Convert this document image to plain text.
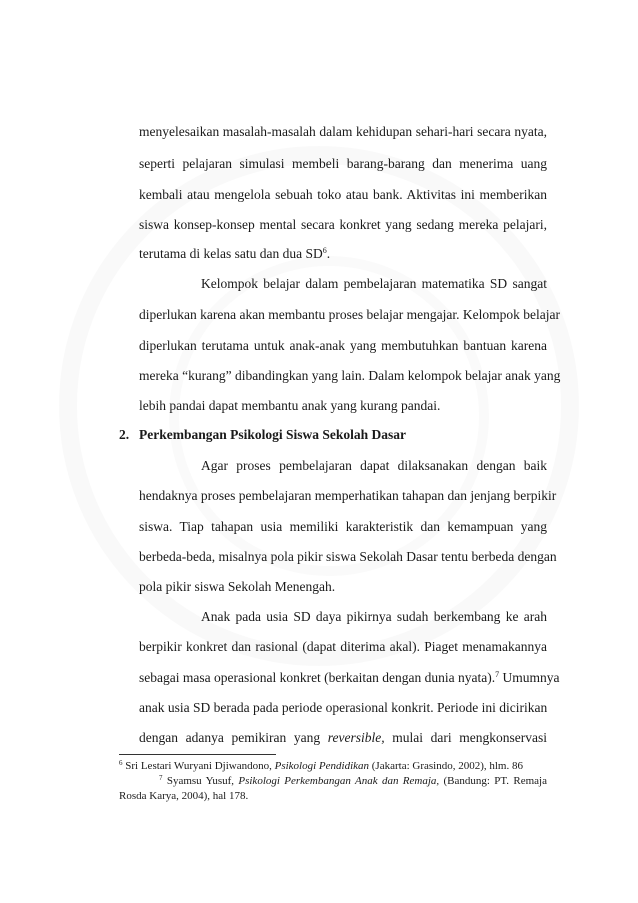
menyelesaikan masalah-masalah dalam kehidupan sehari-hari secara nyata,
seperti pelajaran simulasi membeli barang-barang dan menerima uang
kembali atau mengelola sebuah toko atau bank. Aktivitas ini memberikan
siswa konsep-konsep mental secara konkret yang sedang mereka pelajari,
terutama di kelas satu dan dua $SD^6$.
Kelompok belajar dalam pembelajaran matematika SD sangat
diperlukan karena akan membantu proses belajar mengajar. Kelompok belajar
diperlukan terutama untuk anak-anak yang membutuhkan bantuan karena
mereka “kurang” dibandingkan yang lain. Dalam kelompok belajar anak yang
lebih pandai dapat membantu anak yang kurang pandai.
2. Perkembangan Psikologi Siswa Sekolah Dasar
Agar proses pembelajaran dapat dilaksanakan dengan baik
hendaknya proses pembelajaran memperhatikan tahapan dan jenjang berpikir
siswa. Tiap tahapan usia memiliki karakteristik dan kemampuan yang
berbeda-beda, misalnya pola pikir siswa Sekolah Dasar tentu berbeda dengan
pola pikir siswa Sekolah Menengah.
Anak pada usia SD daya pikirnya sudah berkembang ke arah
berpikir konkret dan rasional (dapat diterima akal). Piaget menamakannya
sebagai masa operasional konkret (berkaitan dengan dunia nyata).$^7$ Umumnya
anak usia SD berada pada periode operasional konkrit. Periode ini dicirikan
dengan adanya pemikiran yang reversible, mulai dari mengkonservasi
$^6$ Sri Lestari Wuryani Djiwandono, Psikologi Pendidikan (Jakarta: Grasindo, 2002), hlm. 86
$^7$ Syamsu Yusuf, Psikologi Perkembangan Anak dan Remaja, (Bandung: PT. Remaja
Rosda Karya, 2004), hal 178.
